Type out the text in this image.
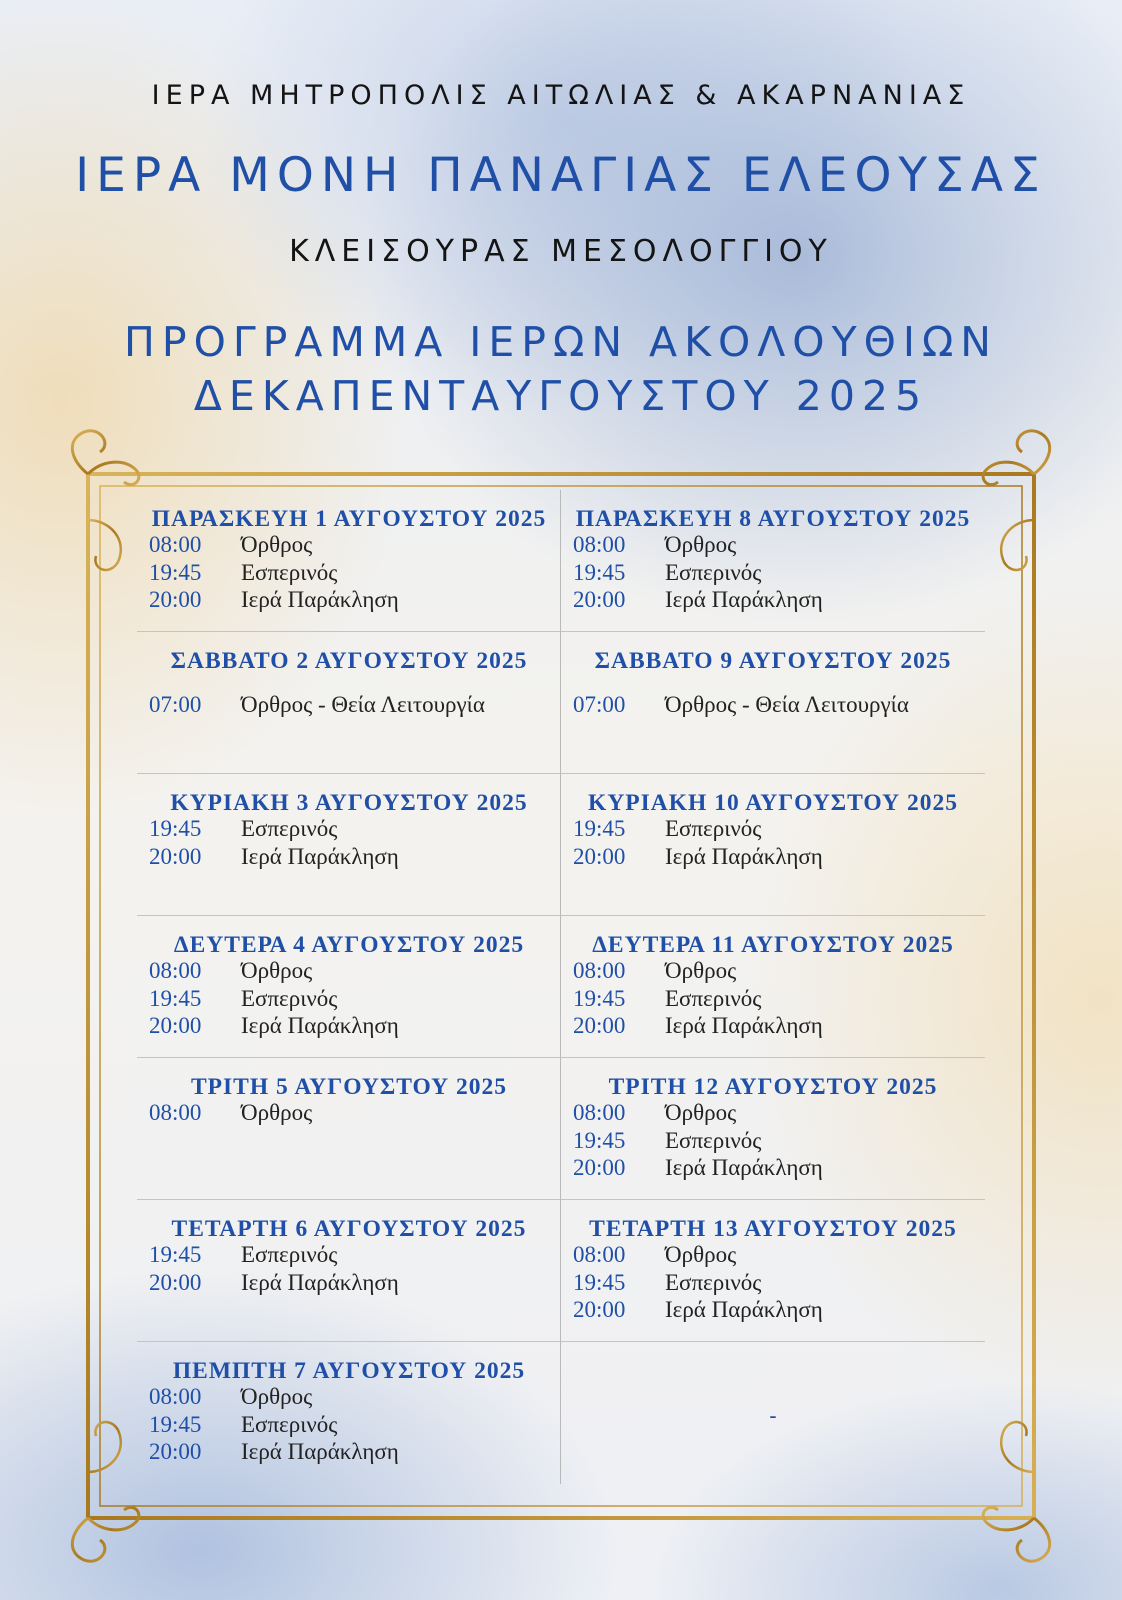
ΙΕΡΑ ΜΗΤΡΟΠΟΛΙΣ ΑΙΤΩΛΙΑΣ & ΑΚΑΡΝΑΝΙΑΣ
ΙΕΡΑ ΜΟΝΗ ΠΑΝΑΓΙΑΣ ΕΛΕΟΥΣΑΣ
ΚΛΕΙΣΟΥΡΑΣ ΜΕΣΟΛΟΓΓΙΟΥ
ΠΡΟΓΡΑΜΜΑ ΙΕΡΩΝ ΑΚΟΛΟΥΘΙΩΝ
ΔΕΚΑΠΕΝΤΑΥΓΟΥΣΤΟΥ 2025
ΠΑΡΑΣΚΕΥΗ 1 ΑΥΓΟΥΣΤΟΥ 2025
08:00 Όρθρος
19:45 Εσπερινός
20:00 Ιερά Παράκληση
ΣΑΒΒΑΤΟ 2 ΑΥΓΟΥΣΤΟΥ 2025
07:00 Όρθρος - Θεία Λειτουργία
ΚΥΡΙΑΚΗ 3 ΑΥΓΟΥΣΤΟΥ 2025
19:45 Εσπερινός
20:00 Ιερά Παράκληση
ΔΕΥΤΕΡΑ 4 ΑΥΓΟΥΣΤΟΥ 2025
08:00 Όρθρος
19:45 Εσπερινός
20:00 Ιερά Παράκληση
ΤΡΙΤΗ 5 ΑΥΓΟΥΣΤΟΥ 2025
08:00 Όρθρος
ΤΕΤΑΡΤΗ 6 ΑΥΓΟΥΣΤΟΥ 2025
19:45 Εσπερινός
20:00 Ιερά Παράκληση
ΠΕΜΠΤΗ 7 ΑΥΓΟΥΣΤΟΥ 2025
08:00 Όρθρος
19:45 Εσπερινός
20:00 Ιερά Παράκληση
ΠΑΡΑΣΚΕΥΗ 8 ΑΥΓΟΥΣΤΟΥ 2025
08:00 Όρθρος
19:45 Εσπερινός
20:00 Ιερά Παράκληση
ΣΑΒΒΑΤΟ 9 ΑΥΓΟΥΣΤΟΥ 2025
07:00 Όρθρος - Θεία Λειτουργία
ΚΥΡΙΑΚΗ 10 ΑΥΓΟΥΣΤΟΥ 2025
19:45 Εσπερινός
20:00 Ιερά Παράκληση
ΔΕΥΤΕΡΑ 11 ΑΥΓΟΥΣΤΟΥ 2025
08:00 Όρθρος
19:45 Εσπερινός
20:00 Ιερά Παράκληση
ΤΡΙΤΗ 12 ΑΥΓΟΥΣΤΟΥ 2025
08:00 Όρθρος
19:45 Εσπερινός
20:00 Ιερά Παράκληση
ΤΕΤΑΡΤΗ 13 ΑΥΓΟΥΣΤΟΥ 2025
08:00 Όρθρος
19:45 Εσπερινός
20:00 Ιερά Παράκληση
-
